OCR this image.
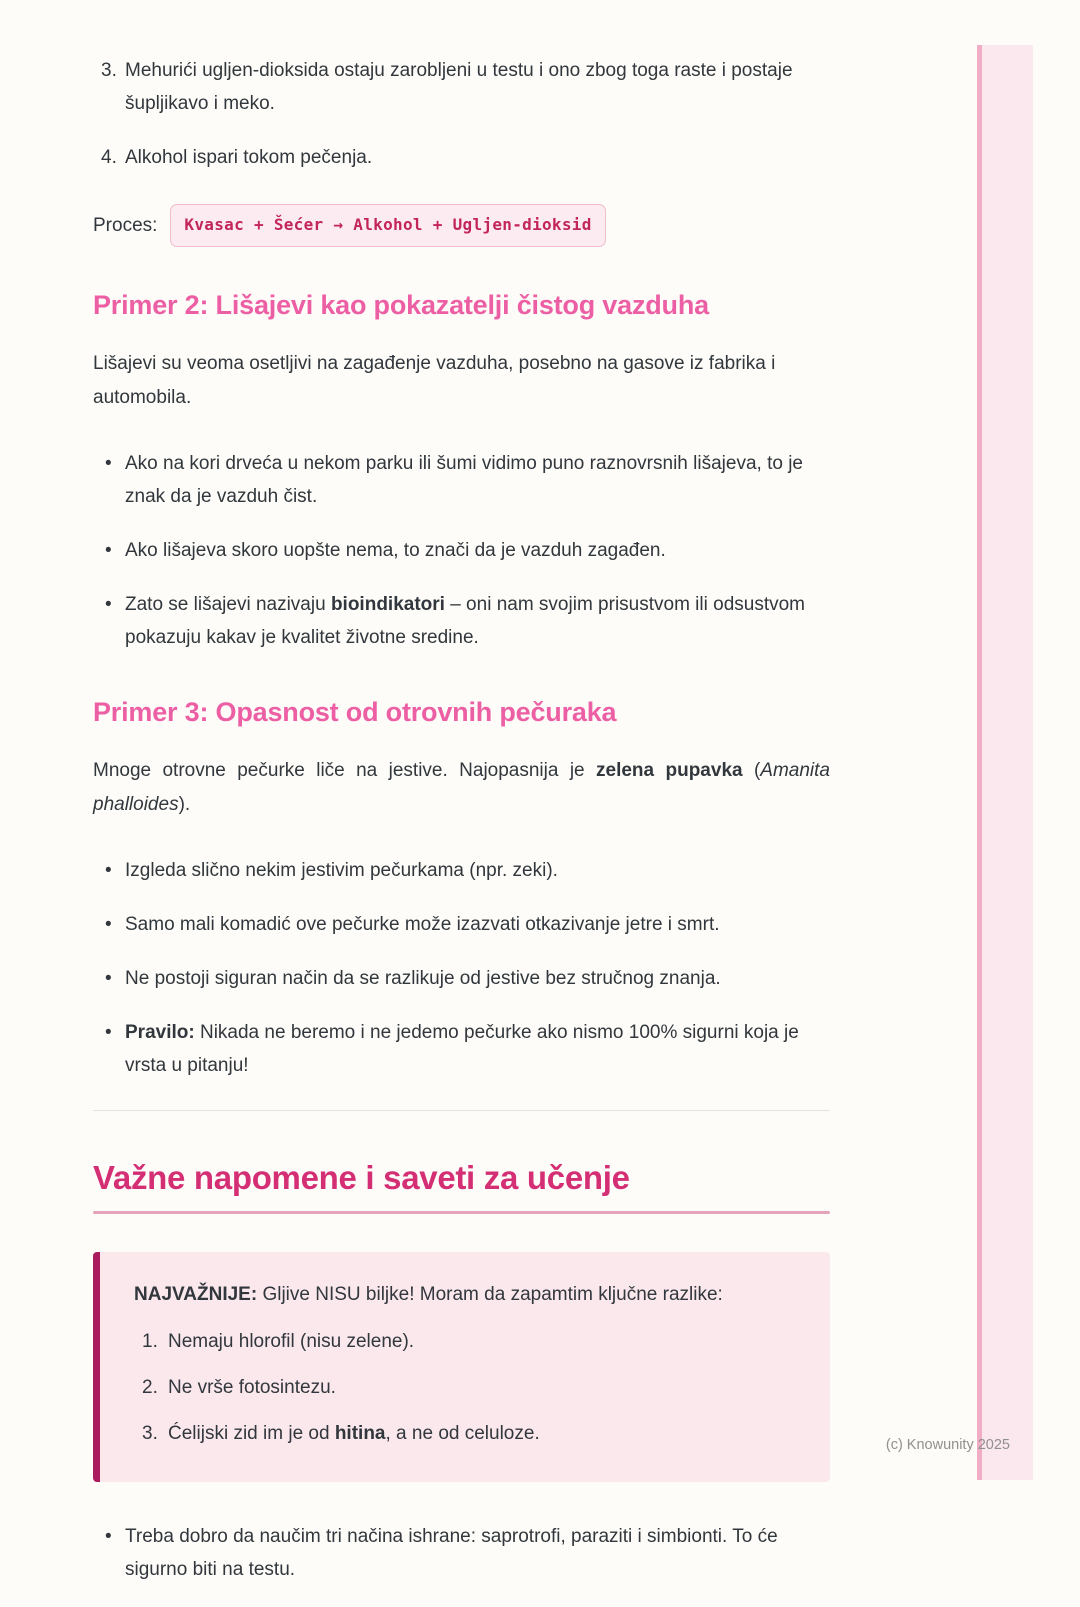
3. Mehurići ugljen-dioksida ostaju zarobljeni u testu i ono zbog toga raste i postaje šupljikavo i meko.
4. Alkohol ispari tokom pečenja.
Proces:	Kvasac + Šećer → Alkohol + Ugljen-dioksid
Primer 2: Lišajevi kao pokazatelji čistog vazduha
Lišajevi su veoma osetljivi na zagađenje vazduha, posebno na gasove iz fabrika i automobila.
• Ako na kori drveća u nekom parku ili šumi vidimo puno raznovrsnih lišajeva, to je znak da je vazduh čist.
• Ako lišajeva skoro uopšte nema, to znači da je vazduh zagađen.
• Zato se lišajevi nazivaju bioindikatori – oni nam svojim prisustvom ili odsustvom pokazuju kakav je kvalitet životne sredine.
Primer 3: Opasnost od otrovnih pečuraka
Mnoge otrovne pečurke liče na jestive. Najopasnija je zelena pupavka (Amanita phalloides).
• Izgleda slično nekim jestivim pečurkama (npr. zeki).
• Samo mali komadić ove pečurke može izazvati otkazivanje jetre i smrt.
• Ne postoji siguran način da se razlikuje od jestive bez stručnog znanja.
• Pravilo: Nikada ne beremo i ne jedemo pečurke ako nismo 100% sigurni koja je vrsta u pitanju!
Važne napomene i saveti za učenje
NAJVAŽNIJE: Gljive NISU biljke! Moram da zapamtim ključne razlike:
1. Nemaju hlorofil (nisu zelene).
2. Ne vrše fotosintezu.
3. Ćelijski zid im je od hitina, a ne od celuloze.
• Treba dobro da naučim tri načina ishrane: saprotrofi, paraziti i simbionti. To će sigurno biti na testu.
(c) Knowunity 2025
